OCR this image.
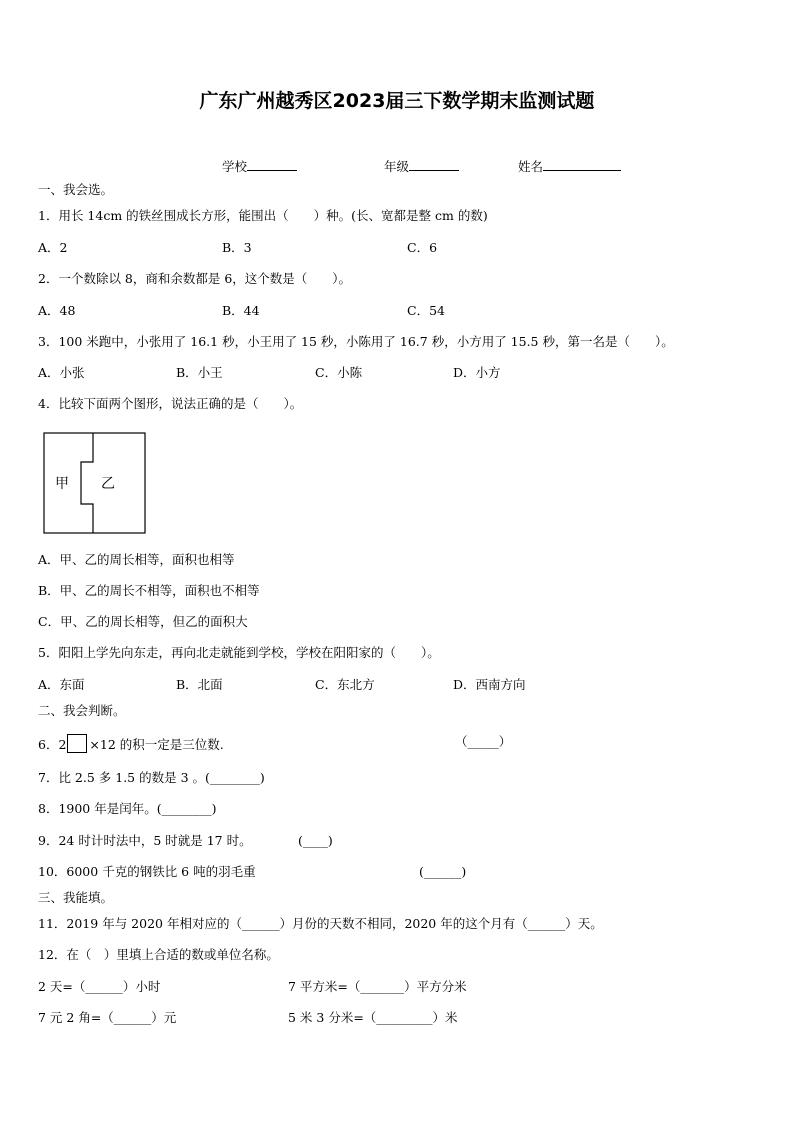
广东广州越秀区2023届三下数学期末监测试题

学校	年级	姓名

一、我会选。
1．用长 14cm 的铁丝围成长方形，能围出（　　）种。(长、宽都是整 cm 的数)
A．2	B．3	C．6
2．一个数除以 8，商和余数都是 6，这个数是（　　）。
A．48	B．44	C．54
3．100 米跑中，小张用了 16.1 秒，小王用了 15 秒，小陈用了 16.7 秒，小方用了 15.5 秒，第一名是（　　）。
A．小张	B．小王	C．小陈	D．小方
4．比较下面两个图形，说法正确的是（　　）。
甲 乙
A．甲、乙的周长相等，面积也相等
B．甲、乙的周长不相等，面积也不相等
C．甲、乙的周长相等，但乙的面积大
5．阳阳上学先向东走，再向北走就能到学校，学校在阳阳家的（　　）。
A．东面	B．北面	C．东北方	D．西南方向
二、我会判断。
6．2 ×12 的积一定是三位数.	（_____）
7．比 2.5 多 1.5 的数是 3 。(________)
8．1900 年是闰年。(________)
9．24 时计时法中，5 时就是 17 时。	(____)
10．6000 千克的钢铁比 6 吨的羽毛重	(______)
三、我能填。
11．2019 年与 2020 年相对应的（______）月份的天数不相同，2020 年的这个月有（______）天。
12．在（　）里填上合适的数或单位名称。
2 天=（______）小时	7 平方米=（_______）平方分米
7 元 2 角=（______）元	5 米 3 分米=（_________）米
